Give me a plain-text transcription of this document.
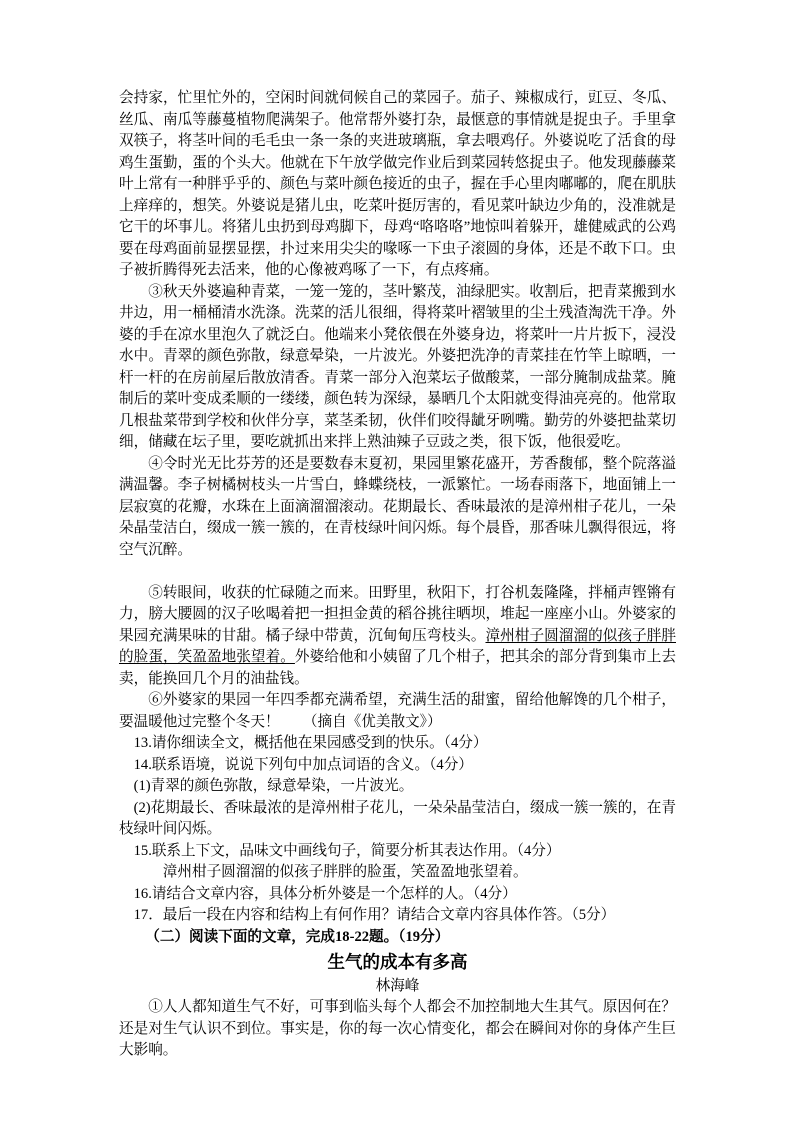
会持家，忙里忙外的，空闲时间就伺候自己的菜园子。茄子、辣椒成行，豇豆、冬瓜、丝瓜、南瓜等藤蔓植物爬满架子。他常帮外婆打杂，最惬意的事情就是捉虫子。手里拿双筷子，将茎叶间的毛毛虫一条一条的夹进玻璃瓶，拿去喂鸡仔。外婆说吃了活食的母鸡生蛋勤，蛋的个头大。他就在下午放学做完作业后到菜园转悠捉虫子。他发现藤藤菜叶上常有一种胖乎乎的、颜色与菜叶颜色接近的虫子，握在手心里肉嘟嘟的，爬在肌肤上痒痒的，想笑。外婆说是猪儿虫，吃菜叶挺厉害的，看见菜叶缺边少角的，没准就是它干的坏事儿。将猪儿虫扔到母鸡脚下，母鸡“咯咯咯”地惊叫着躲开，雄健威武的公鸡要在母鸡面前显摆显摆，扑过来用尖尖的喙啄一下虫子滚圆的身体，还是不敢下口。虫子被折腾得死去活来，他的心像被鸡啄了一下，有点疼痛。

③秋天外婆遍种青菜，一笼一笼的，茎叶繁茂，油绿肥实。收割后，把青菜搬到水井边，用一桶桶清水洗涤。洗菜的活儿很细，得将菜叶褶皱里的尘土残渣淘洗干净。外婆的手在凉水里泡久了就泛白。他端来小凳依偎在外婆身边，将菜叶一片片扳下，浸没水中。青翠的颜色弥散，绿意晕染，一片波光。外婆把洗净的青菜挂在竹竿上晾晒，一杆一杆的在房前屋后散放清香。青菜一部分入泡菜坛子做酸菜，一部分腌制成盐菜。腌制后的菜叶变成柔顺的一缕缕，颜色转为深绿，暴晒几个太阳就变得油亮亮的。他常取几根盐菜带到学校和伙伴分享，菜茎柔韧，伙伴们咬得龇牙咧嘴。勤劳的外婆把盐菜切细，储藏在坛子里，要吃就抓出来拌上熟油辣子豆豉之类，很下饭，他很爱吃。

④令时光无比芬芳的还是要数春末夏初，果园里繁花盛开，芳香馥郁，整个院落溢满温馨。李子树橘树枝头一片雪白，蜂蝶绕枝，一派繁忙。一场春雨落下，地面铺上一层寂寞的花瓣，水珠在上面滴溜溜滚动。花期最长、香味最浓的是漳州柑子花儿，一朵朵晶莹洁白，缀成一簇一簇的，在青枝绿叶间闪烁。每个晨昏，那香味儿飘得很远，将空气沉醉。

⑤转眼间，收获的忙碌随之而来。田野里，秋阳下，打谷机轰隆隆，拌桶声铿锵有力，膀大腰圆的汉子吆喝着把一担担金黄的稻谷挑往晒坝，堆起一座座小山。外婆家的果园充满果味的甘甜。橘子绿中带黄，沉甸甸压弯枝头。漳州柑子圆溜溜的似孩子胖胖的脸蛋，笑盈盈地张望着。外婆给他和小姨留了几个柑子，把其余的部分背到集市上去卖，能换回几个月的油盐钱。

⑥外婆家的果园一年四季都充满希望，充满生活的甜蜜，留给他解馋的几个柑子，要温暖他过完整个冬天！ （摘自《优美散文》）

13.请你细读全文，概括他在果园感受到的快乐。（4分）

14.联系语境，说说下列句中加点词语的含义。（4分）

(1)青翠的颜色弥散，绿意晕染，一片波光。

(2)花期最长、香味最浓的是漳州柑子花儿，一朵朵晶莹洁白，缀成一簇一簇的，在青枝绿叶间闪烁。

15.联系上下文，品味文中画线句子，简要分析其表达作用。（4分）

漳州柑子圆溜溜的似孩子胖胖的脸蛋，笑盈盈地张望着。

16.请结合文章内容，具体分析外婆是一个怎样的人。（4分）

17．最后一段在内容和结构上有何作用？请结合文章内容具体作答。（5分）

（二）阅读下面的文章，完成18-22题。（19分）

生气的成本有多高

林海峰

①人人都知道生气不好，可事到临头每个人都会不加控制地大生其气。原因何在？还是对生气认识不到位。事实是，你的每一次心情变化，都会在瞬间对你的身体产生巨大影响。
